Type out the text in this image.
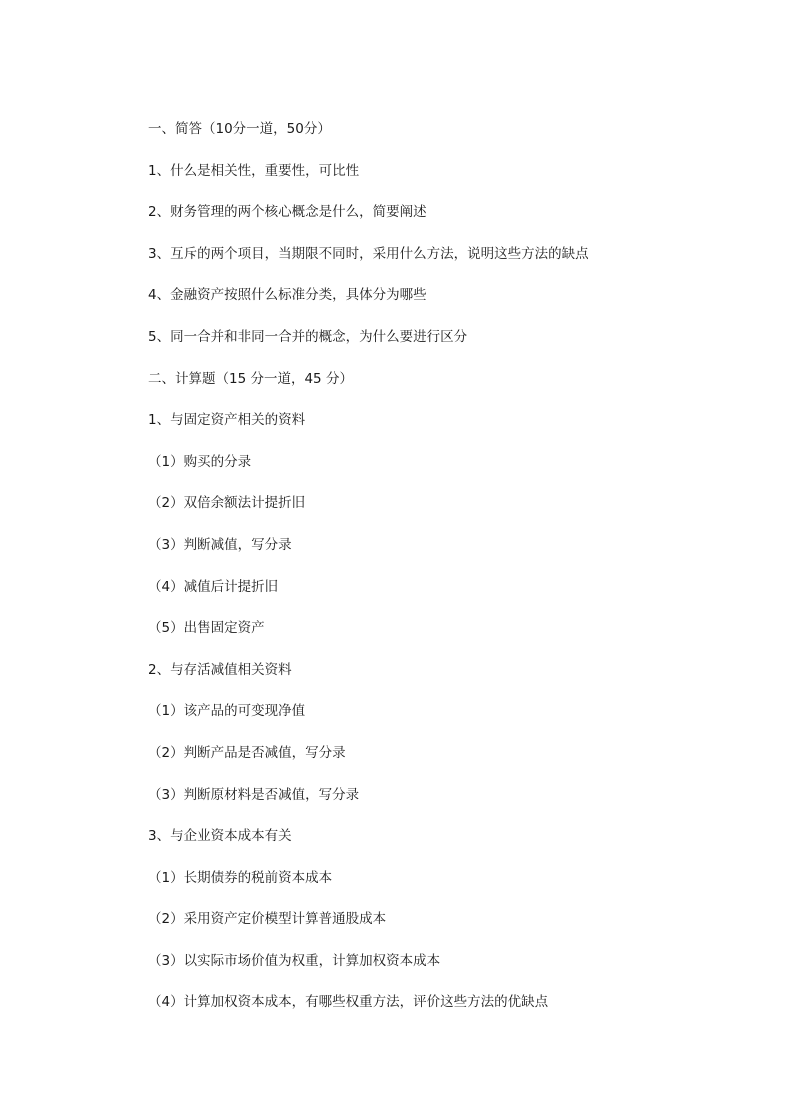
一、简答（10分一道，50分）
1、什么是相关性，重要性，可比性
2、财务管理的两个核心概念是什么，简要阐述
3、互斥的两个项目，当期限不同时，采用什么方法，说明这些方法的缺点
4、金融资产按照什么标准分类，具体分为哪些
5、同一合并和非同一合并的概念，为什么要进行区分
二、计算题（15 分一道，45 分）
1、与固定资产相关的资料
（1）购买的分录
（2）双倍余额法计提折旧
（3）判断减值，写分录
（4）减值后计提折旧
（5）出售固定资产
2、与存活减值相关资料
（1）该产品的可变现净值
（2）判断产品是否减值，写分录
（3）判断原材料是否减值，写分录
3、与企业资本成本有关
（1）长期债券的税前资本成本
（2）采用资产定价模型计算普通股成本
（3）以实际市场价值为权重，计算加权资本成本
（4）计算加权资本成本，有哪些权重方法，评价这些方法的优缺点
